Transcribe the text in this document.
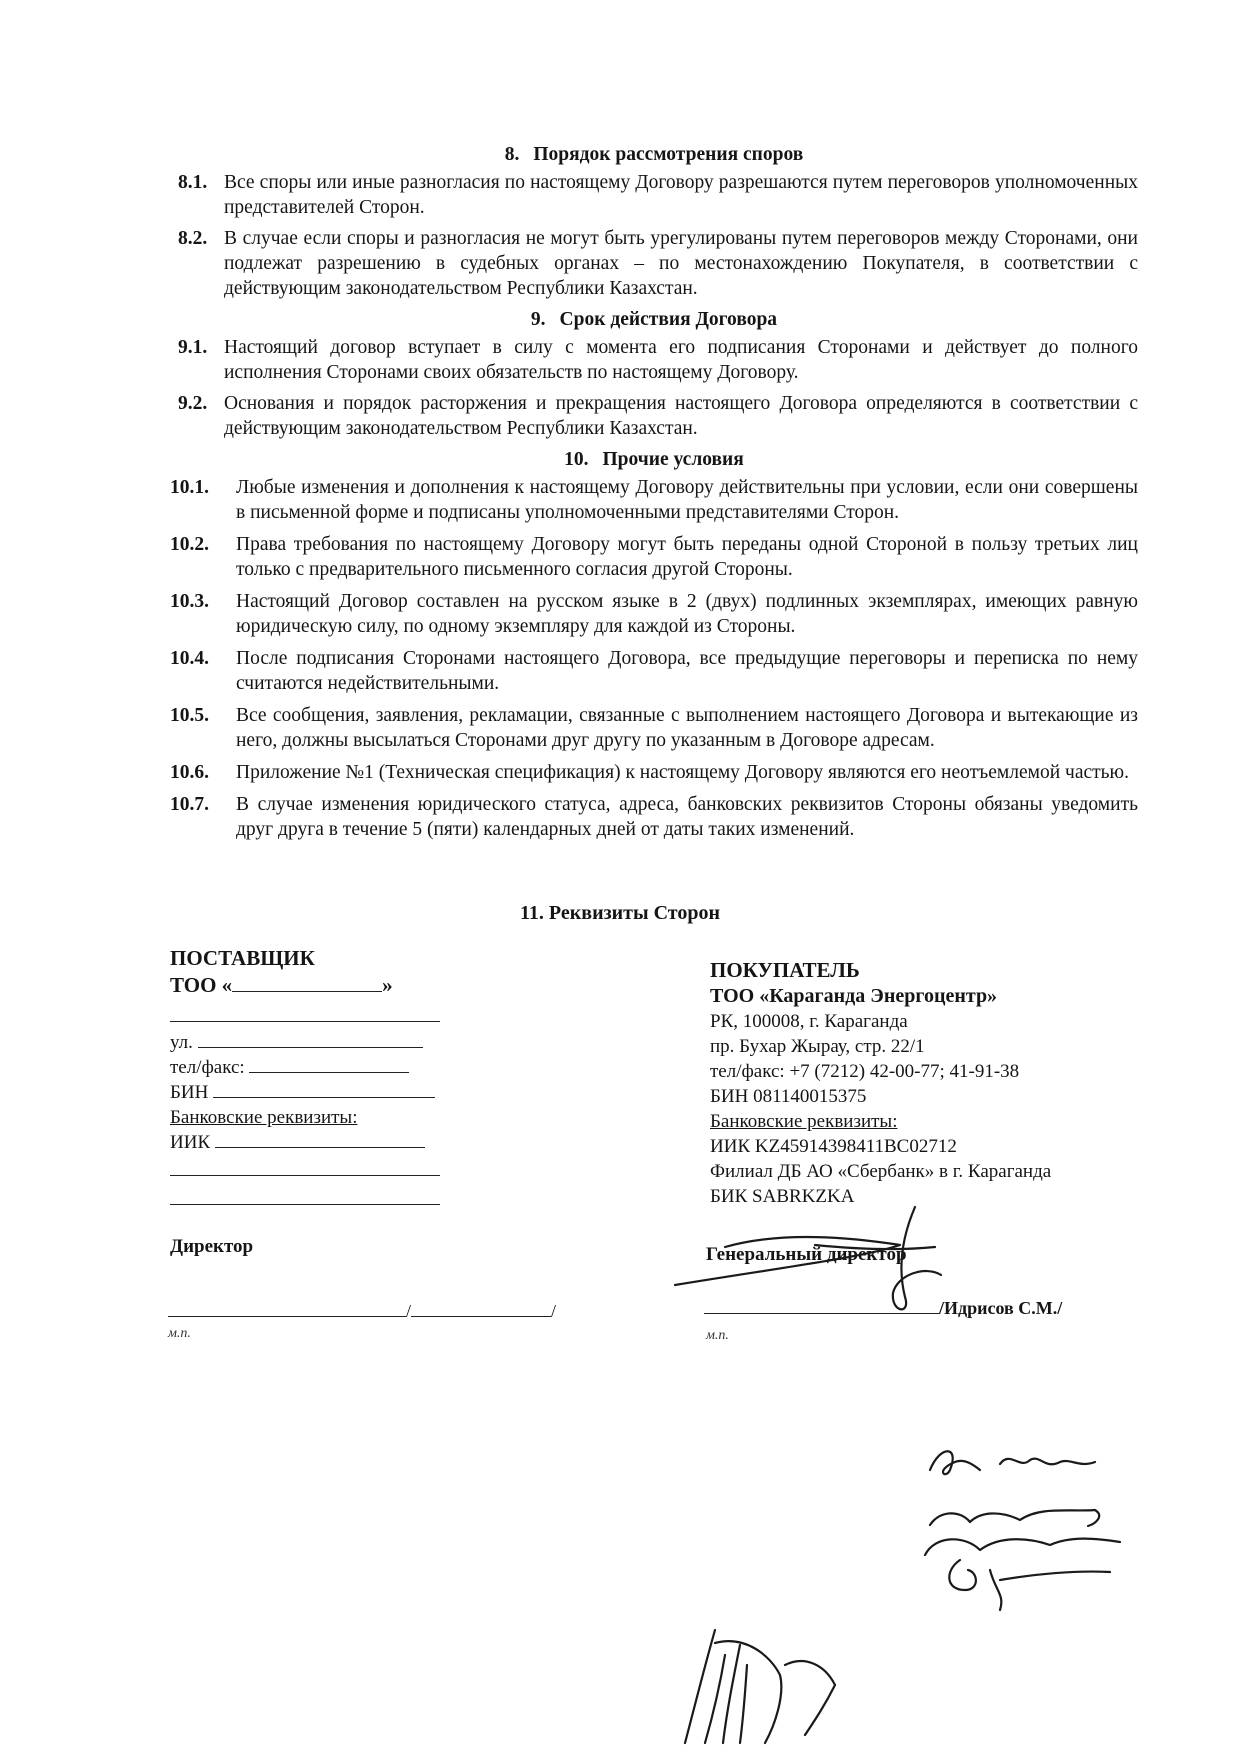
8. Порядок рассмотрения споров
8.1. Все споры или иные разногласия по настоящему Договору разрешаются путем переговоров уполномоченных представителей Сторон.
8.2. В случае если споры и разногласия не могут быть урегулированы путем переговоров между Сторонами, они подлежат разрешению в судебных органах – по местонахождению Покупателя, в соответствии с действующим законодательством Республики Казахстан.
9. Срок действия Договора
9.1. Настоящий договор вступает в силу с момента его подписания Сторонами и действует до полного исполнения Сторонами своих обязательств по настоящему Договору.
9.2. Основания и порядок расторжения и прекращения настоящего Договора определяются в соответствии с действующим законодательством Республики Казахстан.
10. Прочие условия
10.1.	Любые изменения и дополнения к настоящему Договору действительны при условии, если они совершены в письменной форме и подписаны уполномоченными представителями Сторон.
10.2.	Права требования по настоящему Договору могут быть переданы одной Стороной в пользу третьих лиц только с предварительного письменного согласия другой Стороны.
10.3.	Настоящий Договор составлен на русском языке в 2 (двух) подлинных экземплярах, имеющих равную юридическую силу, по одному экземпляру для каждой из Стороны.
10.4.	После подписания Сторонами настоящего Договора, все предыдущие переговоры и переписка по нему считаются недействительными.
10.5.	Все сообщения, заявления, рекламации, связанные с выполнением настоящего Договора и вытекающие из него, должны высылаться Сторонами друг другу по указанным в Договоре адресам.
10.6.	Приложение №1 (Техническая спецификация) к настоящему Договору являются его неотъемлемой частью.
10.7.	В случае изменения юридического статуса, адреса, банковских реквизитов Стороны обязаны уведомить друг друга в течение 5 (пяти) календарных дней от даты таких изменений.
11. Реквизиты Сторон
ПОСТАВЩИК
ТОО «	»
ул.
тел/факс:
БИН
Банковские реквизиты:
ИИК
Директор
/	/
м.п.
ПОКУПАТЕЛЬ
ТОО «Караганда Энергоцентр»
РК, 100008, г. Караганда
пр. Бухар Жырау, стр. 22/1
тел/факс: +7 (7212) 42-00-77; 41-91-38
БИН 081140015375
Банковские реквизиты:
ИИК KZ45914398411BC02712
Филиал ДБ АО «Сбербанк» в г. Караганда
БИК SABRKZKA
Генеральный директор
/Идрисов С.М./
м.п.
